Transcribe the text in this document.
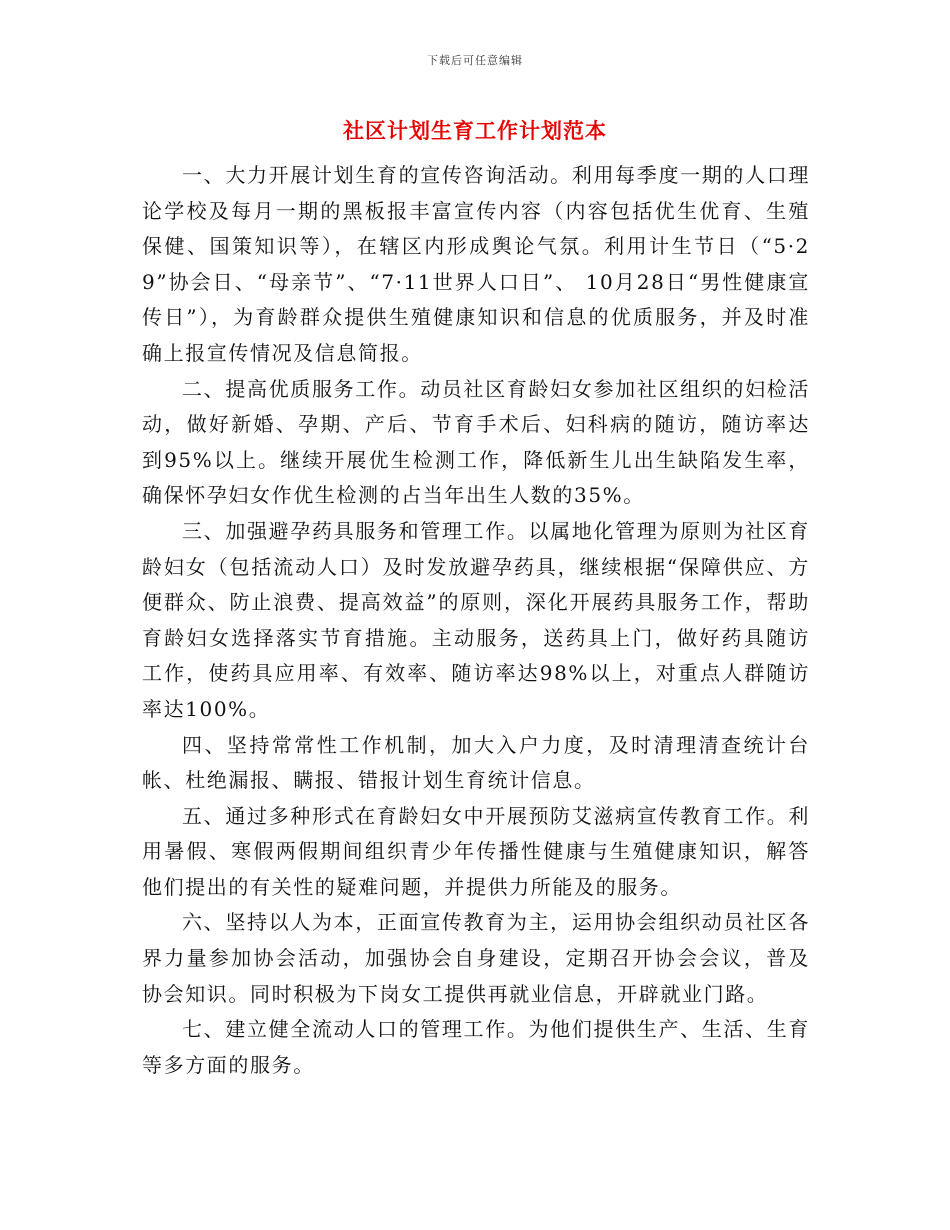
下载后可任意编辑
社区计划生育工作计划范本

一、大力开展计划生育的宣传咨询活动。利用每季度一期的人口理论学校及每月一期的黑板报丰富宣传内容（内容包括优生优育、生殖保健、国策知识等），在辖区内形成舆论气氛。利用计生节日（“5·29”协会日、“母亲节”、“7·11世界人口日”、 10月28日“男性健康宣传日”），为育龄群众提供生殖健康知识和信息的优质服务，并及时准确上报宣传情况及信息简报。

二、提高优质服务工作。动员社区育龄妇女参加社区组织的妇检活动，做好新婚、孕期、产后、节育手术后、妇科病的随访，随访率达到95%以上。继续开展优生检测工作，降低新生儿出生缺陷发生率，确保怀孕妇女作优生检测的占当年出生人数的35%。

三、加强避孕药具服务和管理工作。以属地化管理为原则为社区育龄妇女（包括流动人口）及时发放避孕药具，继续根据“保障供应、方便群众、防止浪费、提高效益”的原则，深化开展药具服务工作，帮助育龄妇女选择落实节育措施。主动服务，送药具上门，做好药具随访工作，使药具应用率、有效率、随访率达98%以上，对重点人群随访率达100%。

四、坚持常常性工作机制，加大入户力度，及时清理清查统计台帐、杜绝漏报、瞒报、错报计划生育统计信息。

五、通过多种形式在育龄妇女中开展预防艾滋病宣传教育工作。利用暑假、寒假两假期间组织青少年传播性健康与生殖健康知识，解答他们提出的有关性的疑难问题，并提供力所能及的服务。

六、坚持以人为本，正面宣传教育为主，运用协会组织动员社区各界力量参加协会活动，加强协会自身建设，定期召开协会会议，普及协会知识。同时积极为下岗女工提供再就业信息，开辟就业门路。

七、建立健全流动人口的管理工作。为他们提供生产、生活、生育等多方面的服务。
